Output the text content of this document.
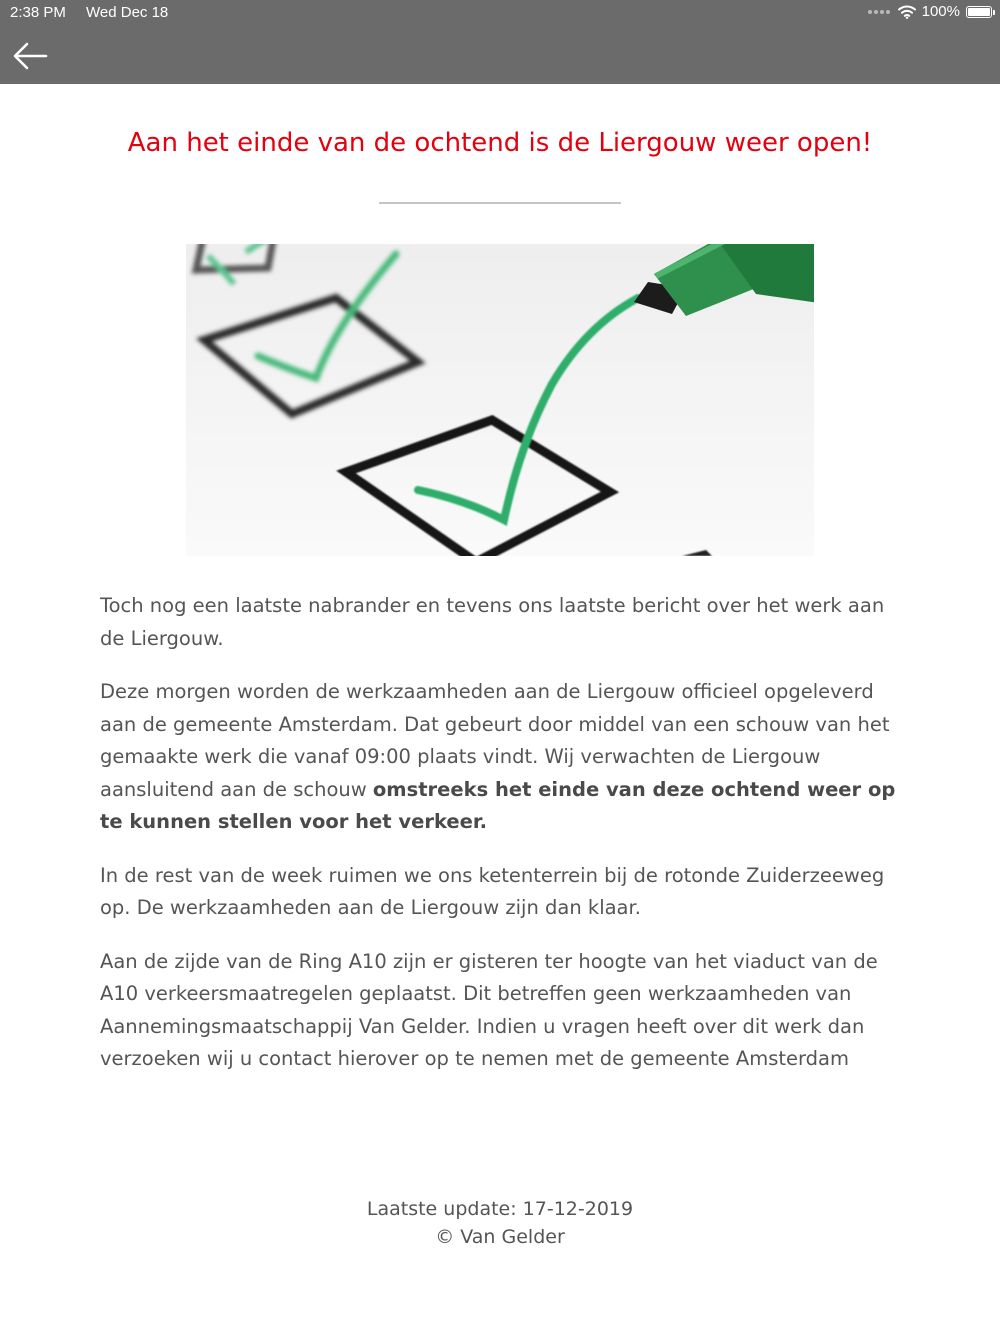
2:38 PM Wed Dec 18	100%
Aan het einde van de ochtend is de Liergouw weer open!

Toch nog een laatste nabrander en tevens ons laatste bericht over het werk aan de Liergouw.

Deze morgen worden de werkzaamheden aan de Liergouw officieel opgeleverd aan de gemeente Amsterdam. Dat gebeurt door middel van een schouw van het gemaakte werk die vanaf 09:00 plaats vindt. Wij verwachten de Liergouw aansluitend aan de schouw omstreeks het einde van deze ochtend weer op te kunnen stellen voor het verkeer.

In de rest van de week ruimen we ons ketenterrein bij de rotonde Zuiderzeeweg op. De werkzaamheden aan de Liergouw zijn dan klaar.

Aan de zijde van de Ring A10 zijn er gisteren ter hoogte van het viaduct van de A10 verkeersmaatregelen geplaatst. Dit betreffen geen werkzaamheden van Aannemingsmaatschappij Van Gelder. Indien u vragen heeft over dit werk dan verzoeken wij u contact hierover op te nemen met de gemeente Amsterdam

Laatste update: 17-12-2019
© Van Gelder
